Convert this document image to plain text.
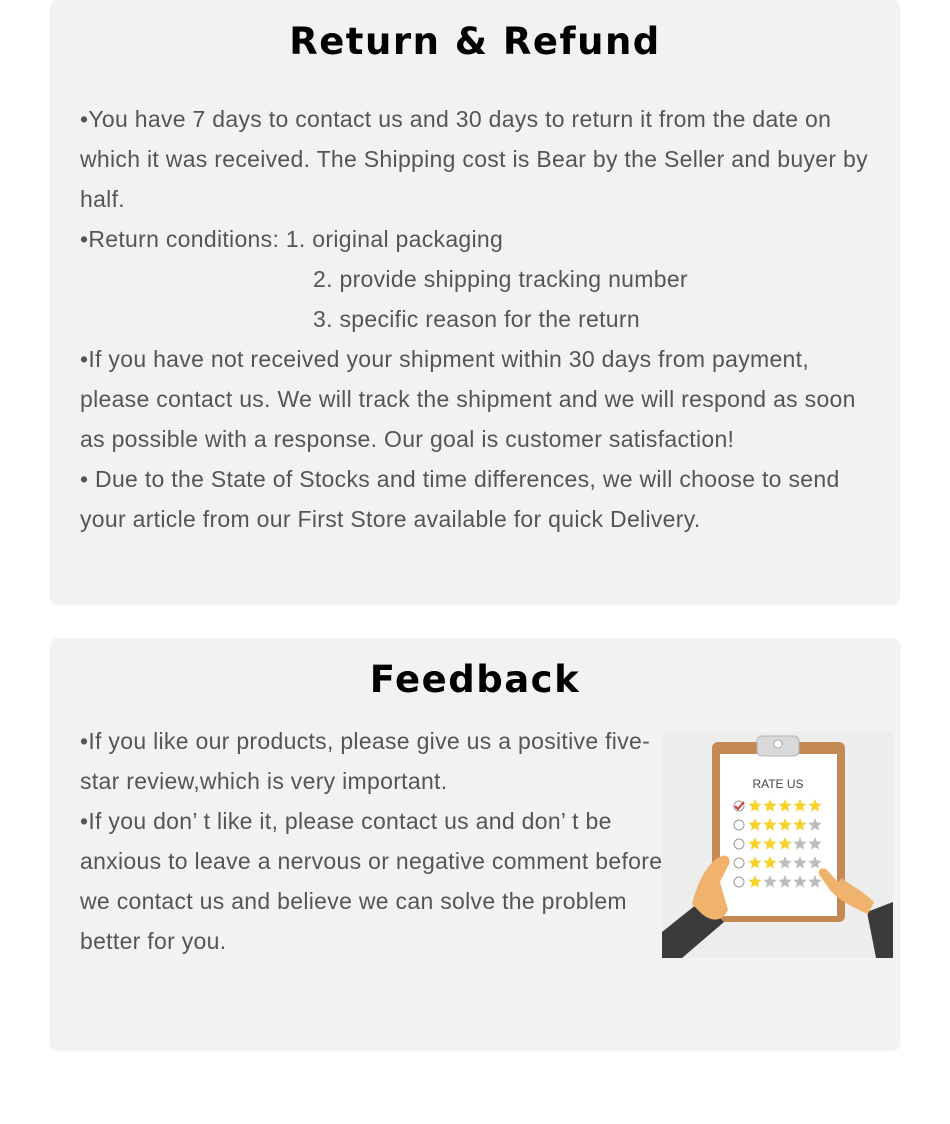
Return & Refund

•You have 7 days to contact us and 30 days to return it from the date on which it was received. The Shipping cost is Bear by the Seller and buyer by half.

•Return conditions: 1. original packaging

2. provide shipping tracking number

3. specific reason for the return

•If you have not received your shipment within 30 days from payment, please contact us. We will track the shipment and we will respond as soon as possible with a response. Our goal is customer satisfaction!

• Due to the State of Stocks and time differences, we will choose to send your article from our First Store available for quick Delivery.

Feedback

•If you like our products, please give us a positive five-star review,which is very important.

•If you don’ t like it, please contact us and don’ t be anxious to leave a nervous or negative comment before we contact us and believe we can solve the problem better for you.

RATE US
